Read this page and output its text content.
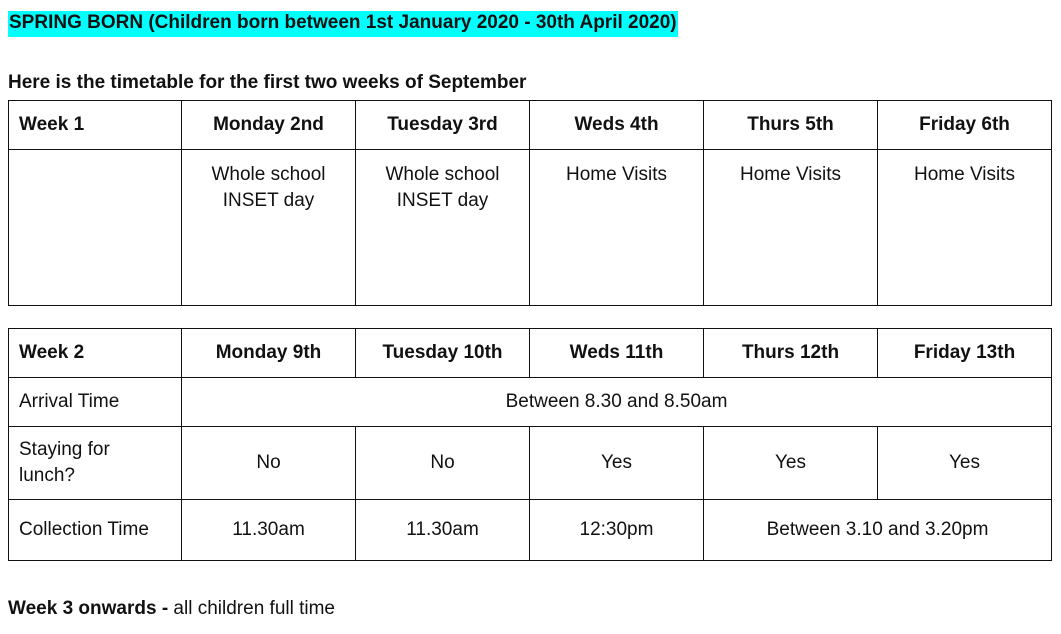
SPRING BORN (Children born between 1st January 2020 - 30th April 2020)
Here is the timetable for the first two weeks of September
Week 1	Monday 2nd	Tuesday 3rd	Weds 4th	Thurs 5th	Friday 6th
	Whole school INSET day	Whole school INSET day	Home Visits	Home Visits	Home Visits
Week 2	Monday 9th	Tuesday 10th	Weds 11th	Thurs 12th	Friday 13th
Arrival Time	Between 8.30 and 8.50am				
Staying for lunch?	No	No	Yes	Yes	Yes
Collection Time	11.30am	11.30am	12:30pm	Between 3.10 and 3.20pm	
Week 3 onwards - all children full time
